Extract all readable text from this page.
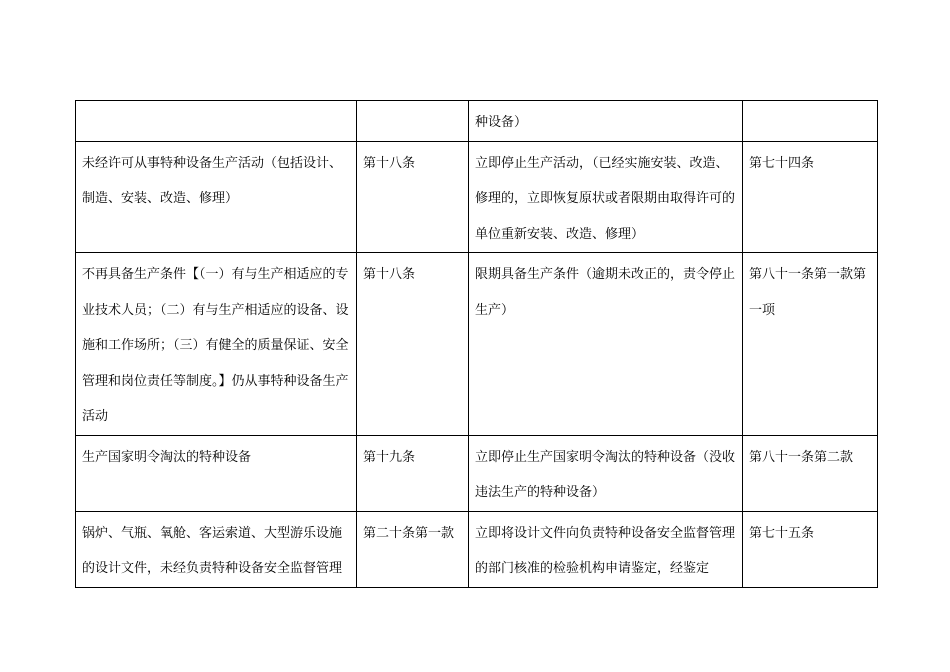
		种设备）	

未经许可从事特种设备生产活动（包括设计、制造、安装、改造、修理）	第十八条	立即停止生产活动，（已经实施安装、改造、修理的，立即恢复原状或者限期由取得许可的单位重新安装、改造、修理）	第七十四条

不再具备生产条件【（一）有与生产相适应的专业技术人员；（二）有与生产相适应的设备、设施和工作场所；（三）有健全的质量保证、安全管理和岗位责任等制度。】仍从事特种设备生产活动	第十八条	限期具备生产条件（逾期未改正的，责令停止生产）	第八十一条第一款第一项

生产国家明令淘汰的特种设备	第十九条	立即停止生产国家明令淘汰的特种设备（没收违法生产的特种设备）	第八十一条第二款

锅炉、气瓶、氧舱、客运索道、大型游乐设施的设计文件，未经负责特种设备安全监督管理	第二十条第一款	立即将设计文件向负责特种设备安全监督管理的部门核准的检验机构申请鉴定，经鉴定	第七十五条
